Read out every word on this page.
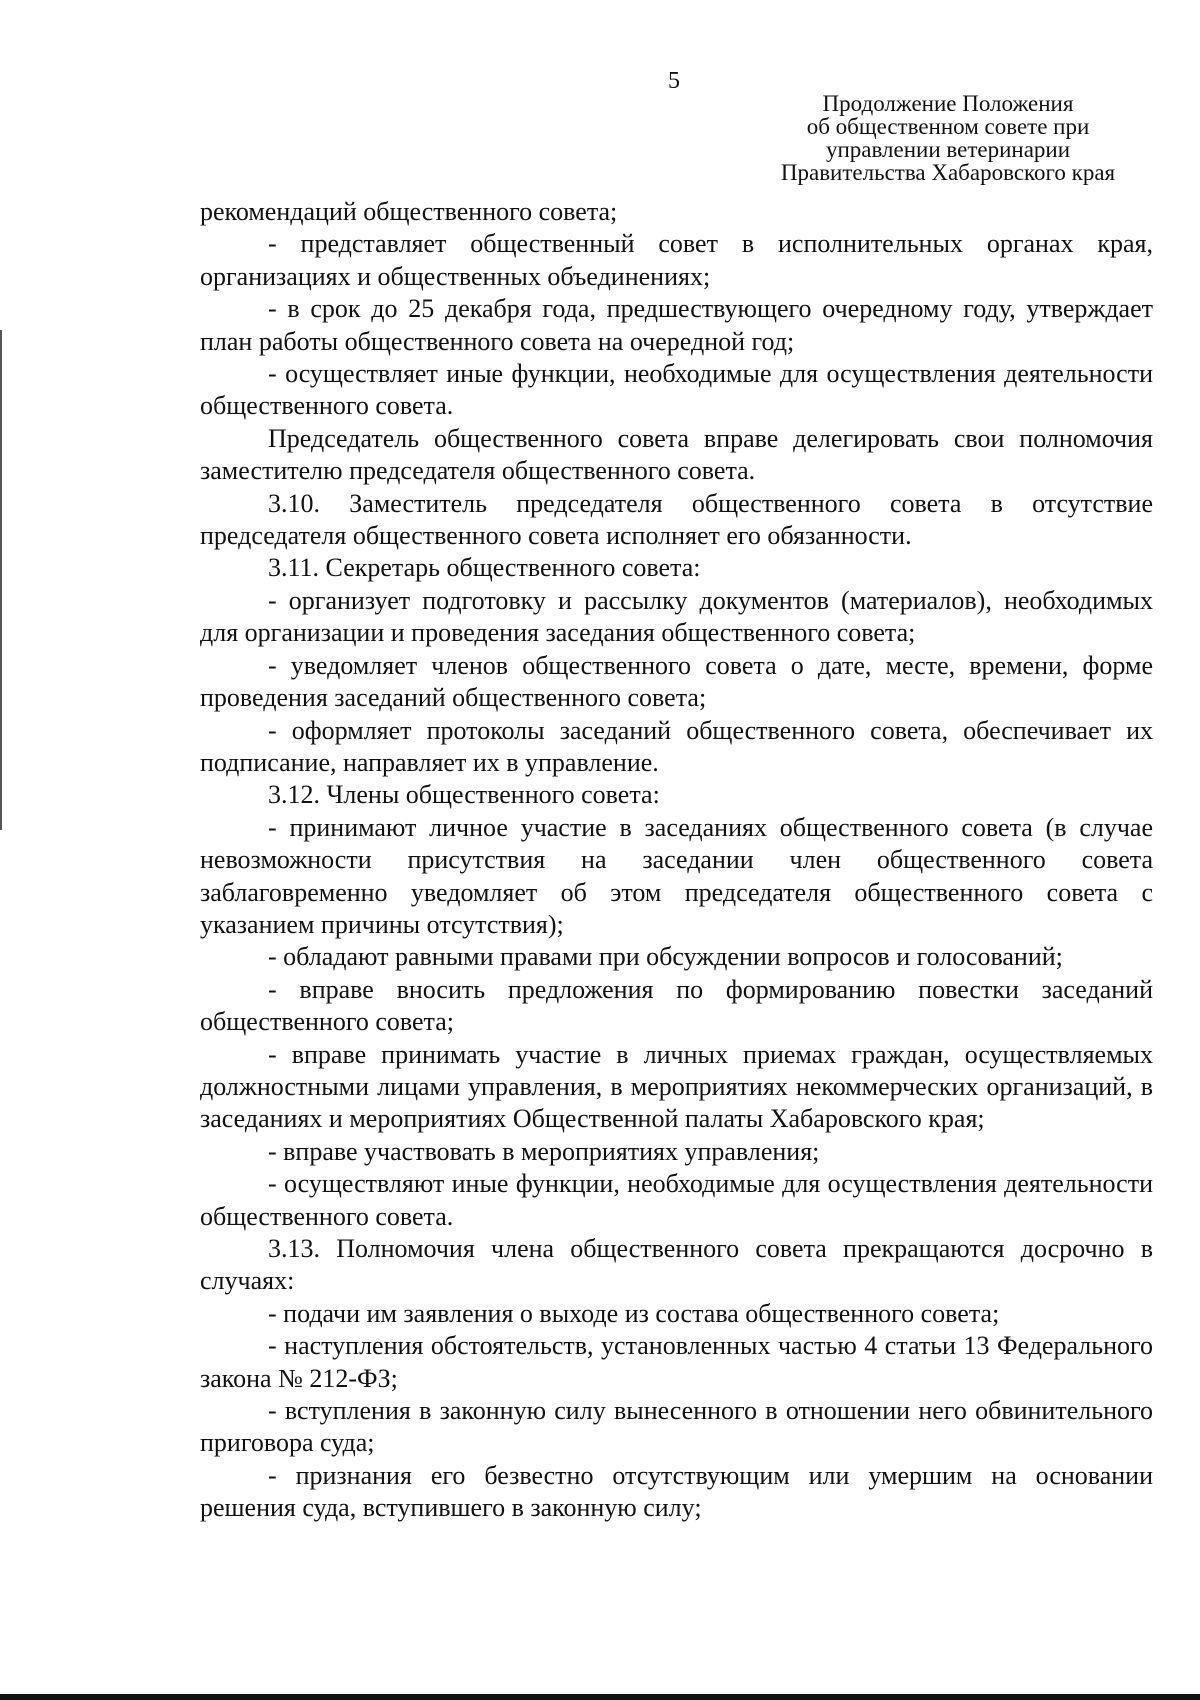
5
Продолжение Положения
об общественном совете при
управлении ветеринарии
Правительства Хабаровского края

рекомендаций общественного совета;

- представляет общественный совет в исполнительных органах края, организациях и общественных объединениях;

- в срок до 25 декабря года, предшествующего очередному году, утверждает план работы общественного совета на очередной год;

- осуществляет иные функции, необходимые для осуществления деятельности общественного совета.

Председатель общественного совета вправе делегировать свои полномочия заместителю председателя общественного совета.

3.10. Заместитель председателя общественного совета в отсутствие председателя общественного совета исполняет его обязанности.

3.11. Секретарь общественного совета:

- организует подготовку и рассылку документов (материалов), необходимых для организации и проведения заседания общественного совета;

- уведомляет членов общественного совета о дате, месте, времени, форме проведения заседаний общественного совета;

- оформляет протоколы заседаний общественного совета, обеспечивает их подписание, направляет их в управление.

3.12. Члены общественного совета:

- принимают личное участие в заседаниях общественного совета (в случае невозможности присутствия на заседании член общественного совета заблаговременно уведомляет об этом председателя общественного совета с указанием причины отсутствия);

- обладают равными правами при обсуждении вопросов и голосований;

- вправе вносить предложения по формированию повестки заседаний общественного совета;

- вправе принимать участие в личных приемах граждан, осуществляемых должностными лицами управления, в мероприятиях некоммерческих организаций, в заседаниях и мероприятиях Общественной палаты Хабаровского края;

- вправе участвовать в мероприятиях управления;

- осуществляют иные функции, необходимые для осуществления деятельности общественного совета.

3.13. Полномочия члена общественного совета прекращаются досрочно в случаях:

- подачи им заявления о выходе из состава общественного совета;

- наступления обстоятельств, установленных частью 4 статьи 13 Федерального закона № 212-ФЗ;

- вступления в законную силу вынесенного в отношении него обвинительного приговора суда;

- признания его безвестно отсутствующим или умершим на основании решения суда, вступившего в законную силу;
